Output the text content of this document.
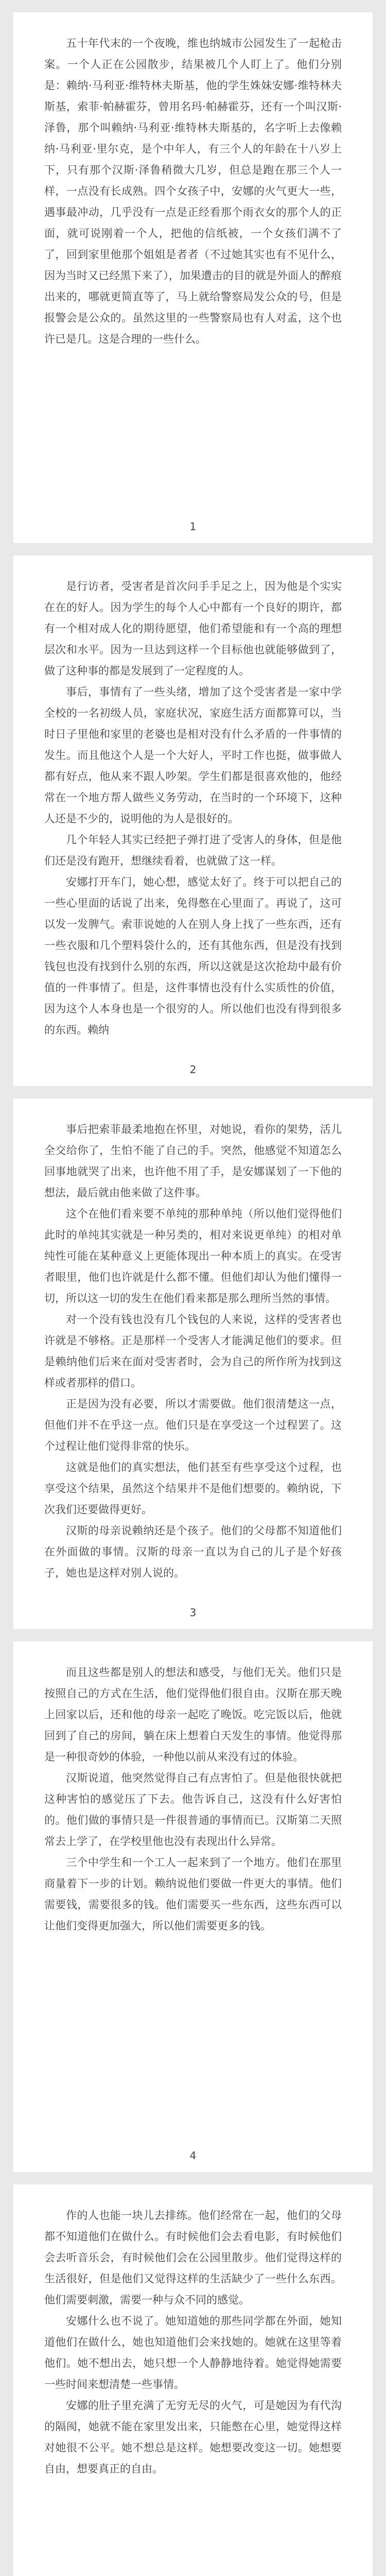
五十年代末的一个夜晚，维也纳城市公园发生了一起枪击案。一个人正在公园散步，结果被几个人盯上了。他们分别是：赖纳·马利亚·维特林夫斯基，他的学生姝妹安娜·维特林夫斯基，索菲·帕赫霍芬，曾用名玛·帕赫霍芬，还有一个叫汉斯·泽鲁，那个叫赖纳·马利亚·维特林夫斯基的，名字听上去像赖纳·马利亚·里尔克，是个中年人，有三个人的年龄在十八岁上下，只有那个汉斯·泽鲁稍微大几岁，但总是跑在那三个人一样，一点没有长成熟。四个女孩子中，安娜的火气更大一些，遇事最冲动，几乎没有一点是正经看那个雨衣女的那个人的正面，就可说刚着一个人，把他的信纸被，一个女孩们满不了了，回到家里他那个姐姐是者者（不过她其实也有不见什么，因为当时又已经黑下来了），加果遭击的目的就是外面人的醉痕出来的，哪就更简直等了，马上就给警察局发公众的号，但是报警会是公众的。虽然这里的一些警察局也有人对孟，这个也许已是几。这是合理的一些什么。

1

是行访者，受害者是首次问手手足之上，因为他是个实实在在的好人。因为学生的每个人心中都有一个良好的期许，都有一个相对成人化的期待愿望，他们希望能和有一个高的理想层次和水平。因为一旦达到这样一个目标他也就能够做到了，做了这种事的都是发展到了一定程度的人。

事后，事情有了一些头绪，增加了这个受害者是一家中学全校的一名初级人员，家庭状况，家庭生活方面都算可以，当时日子里他和家里的老婆也是相对没有什么矛盾的一件事情的发生。而且他这个人是一个大好人，平时工作也挺，做事做人都有好点，他从来不跟人吵架。学生们都是很喜欢他的，他经常在一个地方帮人做些义务劳动，在当时的一个环境下，这种人还是不少的，说明他的为人是很好的。

几个年轻人其实已经把子弹打进了受害人的身体，但是他们还是没有跑开，想继续看着，也就做了这一样。

安娜打开车门，她心想，感觉太好了。终于可以把自己的一些心里面的话说了出来，免得憋在心里面了。再说了，这可以发一发脾气。索菲说她的人在别人身上找了一些东西，还有一些衣服和几个塑料袋什么的，还有其他东西，但是没有找到钱包也没有找到什么别的东西，所以这就是这次抢劫中最有价值的一件事情了。但是，这件事情也没有什么实质性的价值，因为这个人本身也是一个很穷的人。所以他们也没有得到很多的东西。赖纳

2

事后把索菲最柔地抱在怀里，对她说，看你的架势，活儿全交给你了，生怕不能了自己的手。突然，他感觉不知道怎么回事地就哭了出来，也许他不用了手，是安娜谋划了一下他的想法，最后就由他来做了这件事。

这个在他们看来要不单纯的那种单纯（所以他们觉得他们此时的单纯其实就是一种另类的，相对来说更单纯）的相对单纯性可能在某种意义上更能体现出一种本质上的真实。在受害者眼里，他们也许就是什么都不懂。但他们却认为他们懂得一切，所以这一切的发生在他们看来都是那么理所当然的事情。

对一个没有钱也没有几个钱包的人来说，这样的受害者也许就是不够格。正是那样一个受害人才能满足他们的要求。但是赖纳他们后来在面对受害者时，会为自己的所作所为找到这样或者那样的借口。

正是因为没有必要，所以才需要做。他们很清楚这一点，但他们并不在乎这一点。他们只是在享受这一个过程罢了。这个过程让他们觉得非常的快乐。

这就是他们的真实想法，他们甚至有些享受这个过程，也享受这个结果，虽然这个结果并不是他们想要的。赖纳说，下次我们还要做得更好。

汉斯的母亲说赖纳还是个孩子。他们的父母都不知道他们在外面做的事情。汉斯的母亲一直以为自己的儿子是个好孩子，她也是这样对别人说的。

3

而且这些都是别人的想法和感受，与他们无关。他们只是按照自己的方式在生活，他们觉得他们很自由。汉斯在那天晚上回家以后，还和他的母亲一起吃了晚饭。吃完饭以后，他就回到了自己的房间，躺在床上想着白天发生的事情。他觉得那是一种很奇妙的体验，一种他以前从来没有过的体验。

汉斯说道，他突然觉得自己有点害怕了。但是他很快就把这种害怕的感觉压了下去。他告诉自己，这没有什么好害怕的。他们做的事情只是一件很普通的事情而已。汉斯第二天照常去上学了，在学校里他也没有表现出什么异常。

三个中学生和一个工人一起来到了一个地方。他们在那里商量着下一步的计划。赖纳说他们要做一件更大的事情。他们需要钱，需要很多的钱。他们需要买一些东西，这些东西可以让他们变得更加强大，所以他们需要更多的钱。

4

作的人也能一块儿去排练。他们经常在一起，他们的父母都不知道他们在做什么。有时候他们会去看电影，有时候他们会去听音乐会，有时候他们会在公园里散步。他们觉得这样的生活很好，但是他们又觉得这样的生活缺少了一些什么东西。他们需要刺激，需要一种与众不同的感觉。

安娜什么也不说了。她知道她的那些同学都在外面，她知道他们在做什么，她也知道他们会来找她的。她就在这里等着他们。她不想出去，她只想一个人静静地待着。她觉得她需要一些时间来想清楚一些事情。

安娜的肚子里充满了无穷无尽的火气，可是她因为有代沟的隔阂，她就不能在家里发出来，只能憋在心里，她觉得这样对她很不公平。她不想总是这样。她想要改变这一切。她想要自由，想要真正的自由。
